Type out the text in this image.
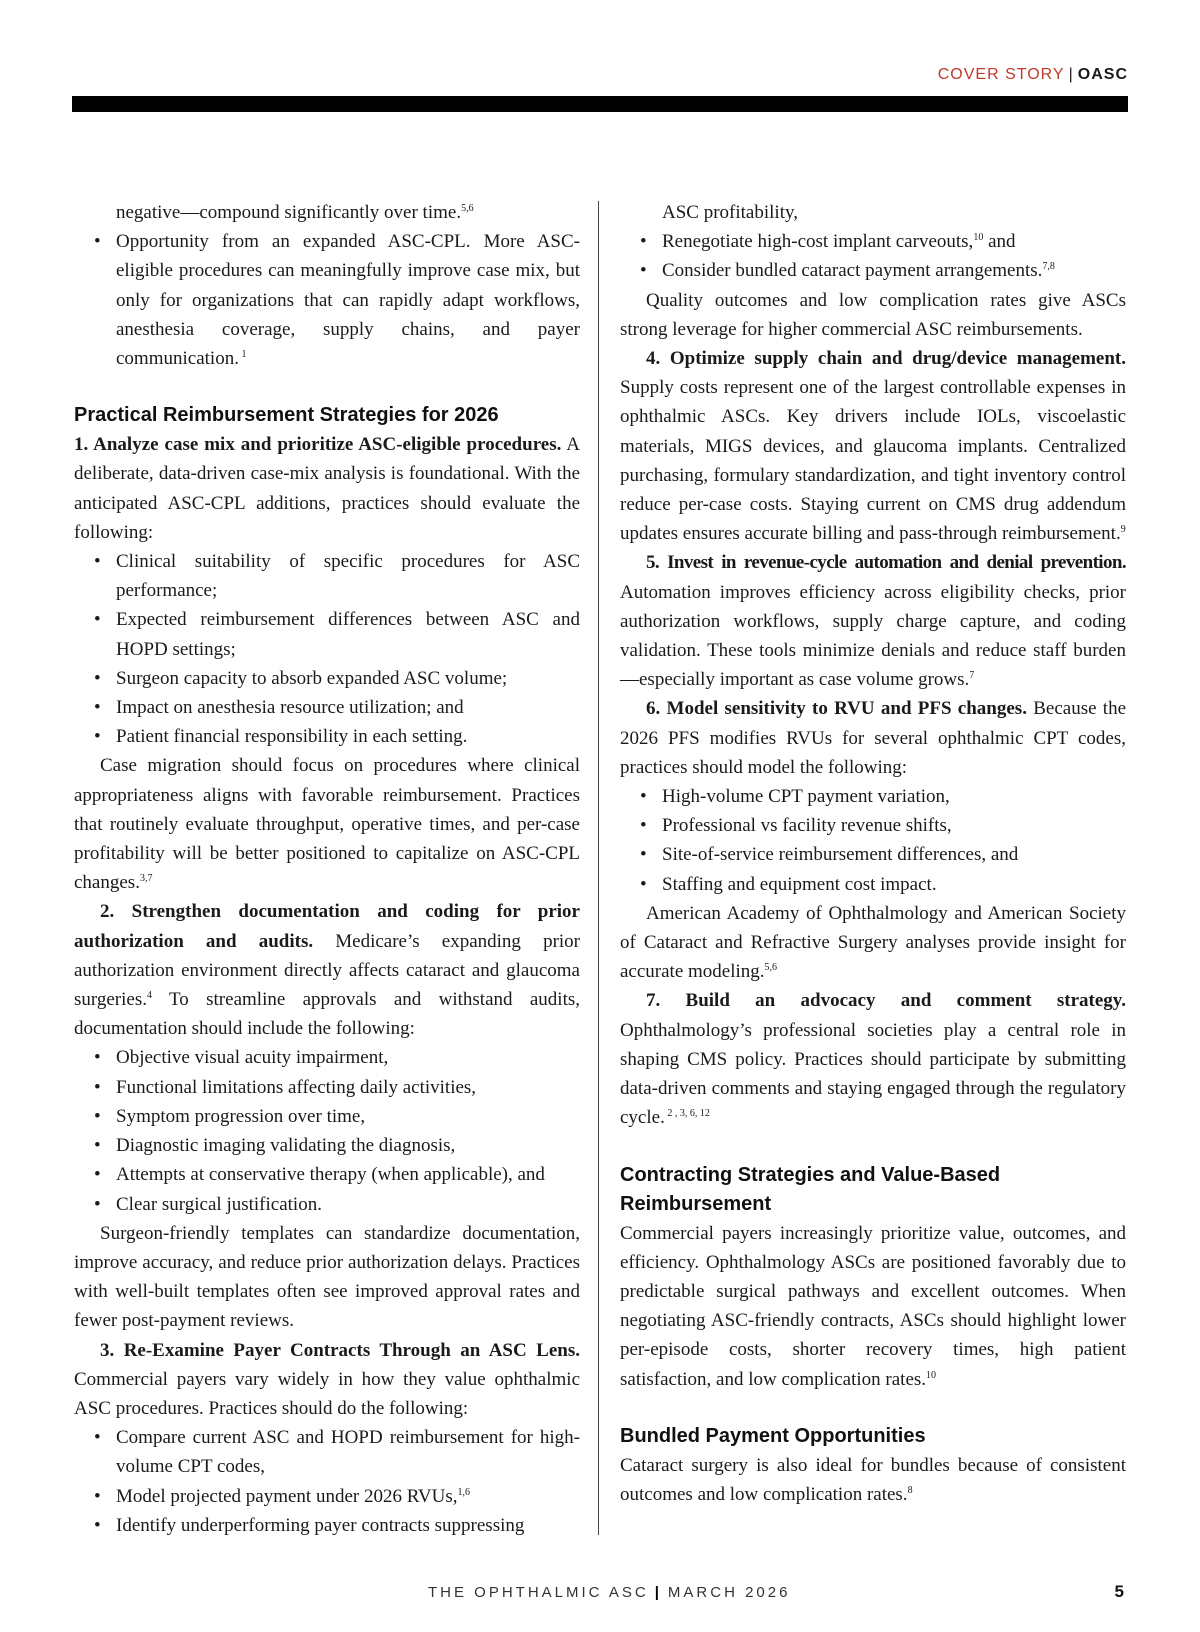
COVER STORY | OASC

negative—compound significantly over time.$^{5,6}$

• Opportunity from an expanded ASC-CPL. More ASC-eligible procedures can meaningfully improve case mix, but only for organizations that can rapidly adapt workflows, anesthesia coverage, supply chains, and payer communication. $^1$
Practical Reimbursement Strategies for 2026

1. Analyze case mix and prioritize ASC-eligible procedures. A deliberate, data-driven case-mix analysis is foundational. With the anticipated ASC-CPL additions, practices should evaluate the following:

• Clinical suitability of specific procedures for ASC performance;
• Expected reimbursement differences between ASC and HOPD settings;
• Surgeon capacity to absorb expanded ASC volume;
• Impact on anesthesia resource utilization; and
• Patient financial responsibility in each setting.

Case migration should focus on procedures where clinical appropriateness aligns with favorable reimbursement. Practices that routinely evaluate throughput, operative times, and per-case profitability will be better positioned to capitalize on ASC-CPL changes.$^{3,7}$

2. Strengthen documentation and coding for prior authorization and audits. Medicare’s expanding prior authorization environment directly affects cataract and glaucoma surgeries.$^4$ To streamline approvals and withstand audits, documentation should include the following:

• Objective visual acuity impairment,
• Functional limitations affecting daily activities,
• Symptom progression over time,
• Diagnostic imaging validating the diagnosis,
• Attempts at conservative therapy (when applicable), and
• Clear surgical justification.

Surgeon-friendly templates can standardize documentation, improve accuracy, and reduce prior authorization delays. Practices with well-built templates often see improved approval rates and fewer post-payment reviews.

3. Re-Examine Payer Contracts Through an ASC Lens. Commercial payers vary widely in how they value ophthalmic ASC procedures. Practices should do the following:

• Compare current ASC and HOPD reimbursement for high-volume CPT codes,
• Model projected payment under 2026 RVUs,$^{1,6}$
• Identify underperforming payer contracts suppressing

ASC profitability,

• Renegotiate high-cost implant carveouts,$^{10}$ and
• Consider bundled cataract payment arrangements.$^{7,8}$

Quality outcomes and low complication rates give ASCs strong leverage for higher commercial ASC reimbursements.

4. Optimize supply chain and drug/device management. Supply costs represent one of the largest controllable expenses in ophthalmic ASCs. Key drivers include IOLs, viscoelastic materials, MIGS devices, and glaucoma implants. Centralized purchasing, formulary standardization, and tight inventory control reduce per-case costs. Staying current on CMS drug addendum updates ensures accurate billing and pass-through reimbursement.$^9$

5. Invest in revenue-cycle automation and denial prevention. Automation improves efficiency across eligibility checks, prior authorization workflows, supply charge capture, and coding validation. These tools minimize denials and reduce staff burden—especially important as case volume grows.$^7$

6. Model sensitivity to RVU and PFS changes. Because the 2026 PFS modifies RVUs for several ophthalmic CPT codes, practices should model the following:

• High-volume CPT payment variation,
• Professional vs facility revenue shifts,
• Site-of-service reimbursement differences, and
• Staffing and equipment cost impact.

American Academy of Ophthalmology and American Society of Cataract and Refractive Surgery analyses provide insight for accurate modeling.$^{5,6}$

7. Build an advocacy and comment strategy. Ophthalmology’s professional societies play a central role in shaping CMS policy. Practices should participate by submitting data-driven comments and staying engaged through the regulatory cycle. $^{2 , 3, 6, 12}$

Contracting Strategies and Value-Based
Reimbursement

Commercial payers increasingly prioritize value, outcomes, and efficiency. Ophthalmology ASCs are positioned favorably due to predictable surgical pathways and excellent outcomes. When negotiating ASC-friendly contracts, ASCs should highlight lower per-episode costs, shorter recovery times, high patient satisfaction, and low complication rates.$^{10}$

Bundled Payment Opportunities

Cataract surgery is also ideal for bundles because of consistent outcomes and low complication rates.$^8$

THE OPHTHALMIC ASC | MARCH 2026	5
